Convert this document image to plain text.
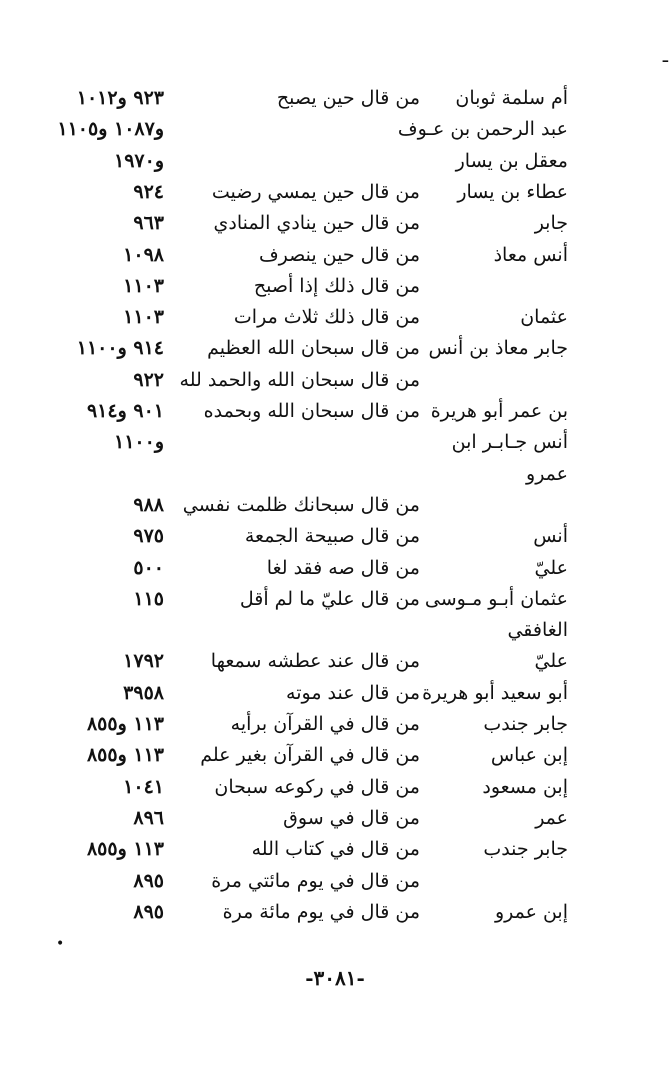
ـ
أم سلمة ثوبان
من قال حين يصبح
٩٢٣ و١٠١٢
عبد الرحمن بن عـوف
و١٠٨٧ و١١٠٥
معقل بن يسار
و١٩٧٠
عطاء بن يسار
من قال حين يمسي رضيت
٩٢٤
جابر
من قال حين ينادي المنادي
٩٦٣
أنس معاذ
من قال حين ينصرف
١٠٩٨
من قال ذلك إذا أصبح
١١٠٣
عثمان
من قال ذلك ثلاث مرات
١١٠٣
جابر معاذ بن أنس
من قال سبحان الله العظيم
٩١٤ و١١٠٠
من قال سبحان الله والحمد لله
٩٢٢
بن عمر أبو هريرة
من قال سبحان الله وبحمده
٩٠١ و٩١٤
أنس جـابـر ابن
و١١٠٠
عمرو
من قال سبحانك ظلمت نفسي
٩٨٨
أنس
من قال صبيحة الجمعة
٩٧٥
عليّ
من قال صه فقد لغا
٥٠٠
عثمان أبـو مـوسى
من قال عليّ ما لم أقل
١١٥
الغافقي
عليّ
من قال عند عطشه سمعها
١٧٩٢
أبو سعيد أبو هريرة
من قال عند موته
٣٩٥٨
جابر جندب
من قال في القرآن برأيه
١١٣ و٨٥٥
إبن عباس
من قال في القرآن بغير علم
١١٣ و٨٥٥
إبن مسعود
من قال في ركوعه سبحان
١٠٤١
عمر
من قال في سوق
٨٩٦
جابر جندب
من قال في كتاب الله
١١٣ و٨٥٥
من قال في يوم مائتي مرة
٨٩٥
إبن عمرو
من قال في يوم مائة مرة
٨٩٥
•
-٣٠٨١-
